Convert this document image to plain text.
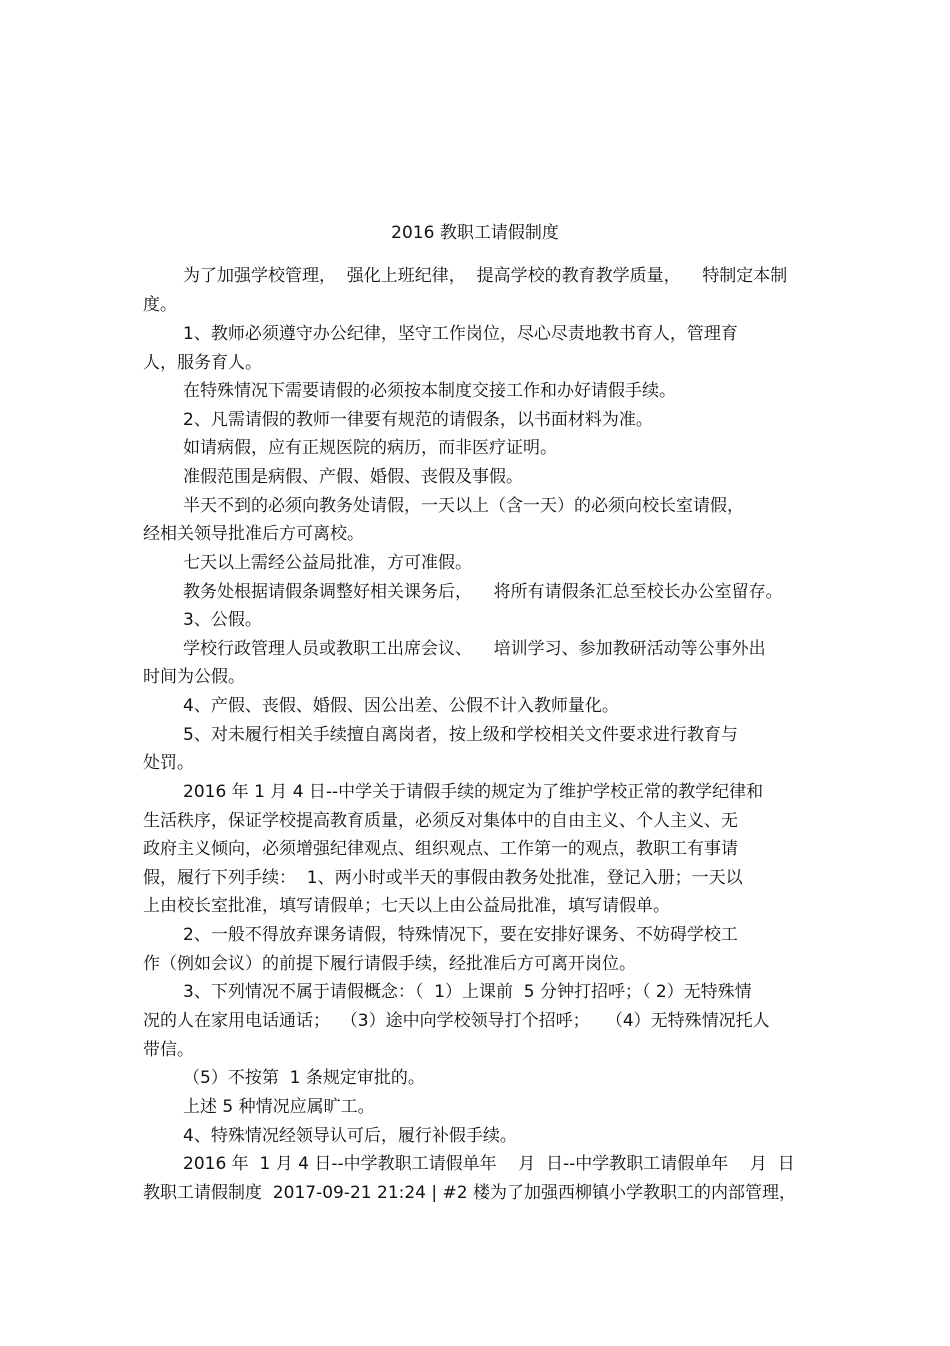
2016 教职工请假制度
为了加强学校管理，  强化上班纪律，  提高学校的教育教学质量，    特制定本制
度。
1、教师必须遵守办公纪律，坚守工作岗位，尽心尽责地教书育人，管理育
人，服务育人。
在特殊情况下需要请假的必须按本制度交接工作和办好请假手续。
2、凡需请假的教师一律要有规范的请假条，以书面材料为准。
如请病假，应有正规医院的病历，而非医疗证明。
准假范围是病假、产假、婚假、丧假及事假。
半天不到的必须向教务处请假，一天以上（含一天）的必须向校长室请假，
经相关领导批准后方可离校。
七天以上需经公益局批准，方可准假。
教务处根据请假条调整好相关课务后，    将所有请假条汇总至校长办公室留存。
3、公假。
学校行政管理人员或教职工出席会议、    培训学习、参加教研活动等公事外出
时间为公假。
4、产假、丧假、婚假、因公出差、公假不计入教师量化。
5、对未履行相关手续擅自离岗者，按上级和学校相关文件要求进行教育与
处罚。
2016 年 1 月 4 日--中学关于请假手续的规定为了维护学校正常的教学纪律和
生活秩序，保证学校提高教育质量，必须反对集体中的自由主义、个人主义、无
政府主义倾向，必须增强纪律观点、组织观点、工作第一的观点，教职工有事请
假，履行下列手续：  1、两小时或半天的事假由教务处批准，登记入册；一天以
上由校长室批准，填写请假单；七天以上由公益局批准，填写请假单。
2、一般不得放弃课务请假，特殊情况下，要在安排好课务、不妨碍学校工
作（例如会议）的前提下履行请假手续，经批准后方可离开岗位。
3、下列情况不属于请假概念：（  1）上课前  5 分钟打招呼；（ 2）无特殊情
况的人在家用电话通话；  （3）途中向学校领导打个招呼；   （4）无特殊情况托人
带信。
（5）不按第  1 条规定审批的。
上述 5 种情况应属旷工。
4、特殊情况经领导认可后，履行补假手续。
2016 年  1 月 4 日--中学教职工请假单年    月  日--中学教职工请假单年    月  日
教职工请假制度  2017-09-21 21:24 | #2 楼为了加强西柳镇小学教职工的内部管理，
